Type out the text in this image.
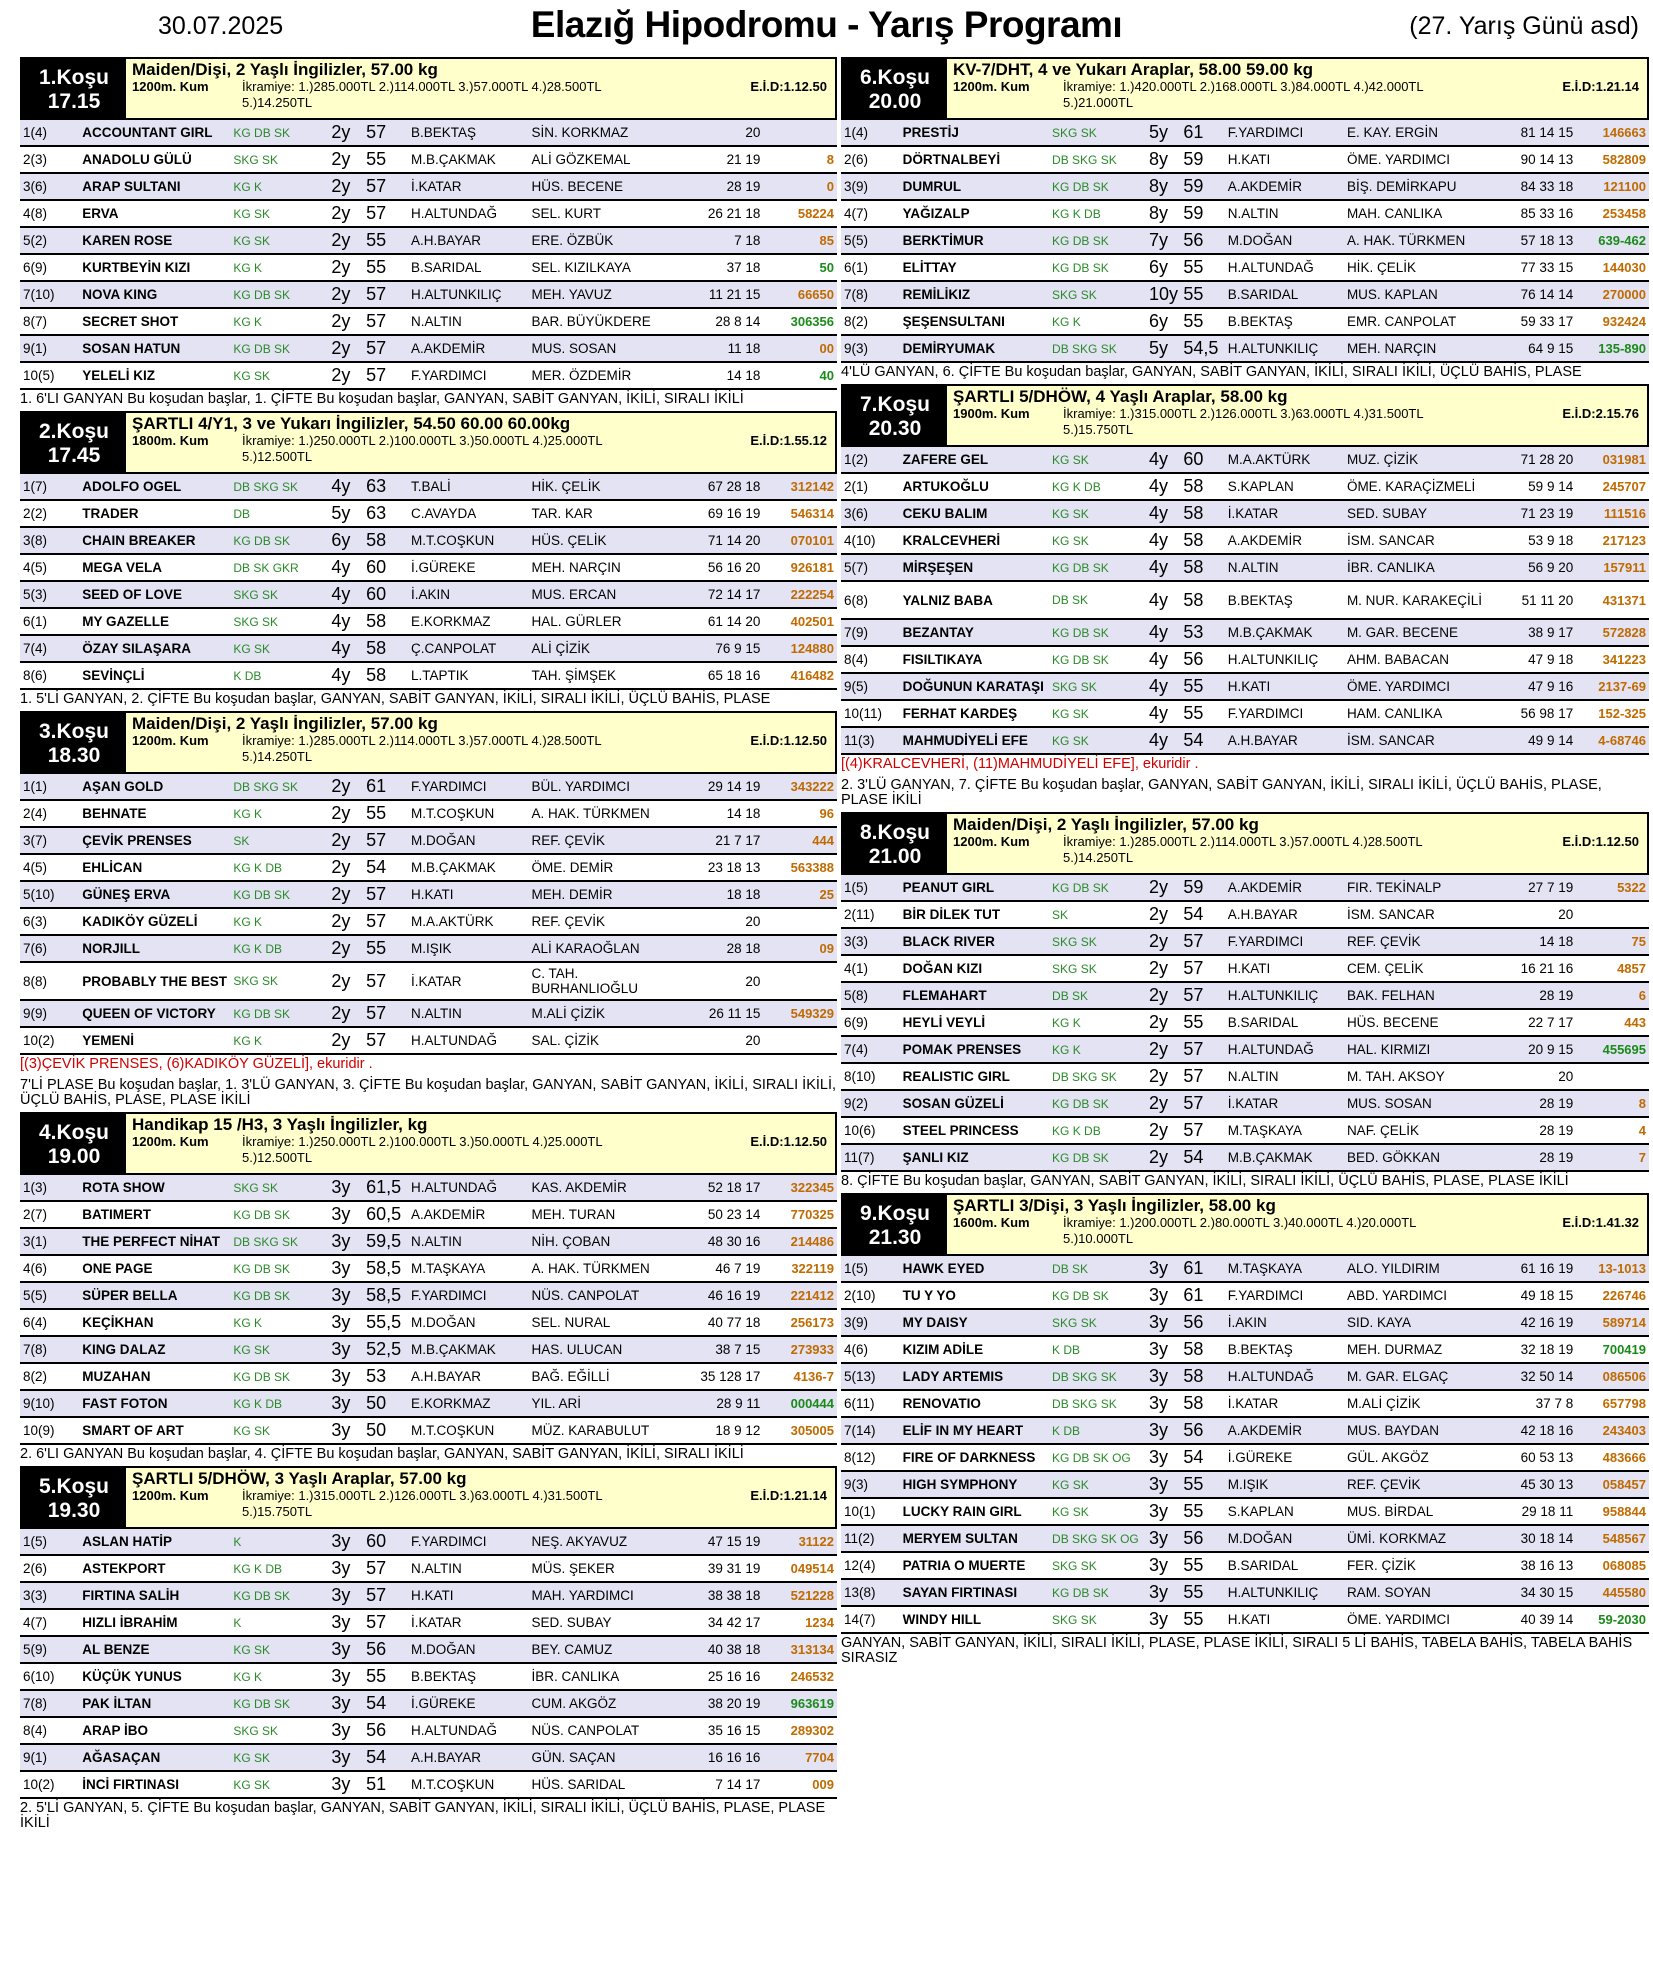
30.07.2025	Elazığ Hipodromu - Yarış Programı	(27. Yarış Günü asd)
1.Koşu
17.15
Maiden/Dişi, 2 Yaşlı İngilizler, 57.00 kg
1200m. Kum	İkramiye: 1.)285.000TL 2.)114.000TL 3.)57.000TL 4.)28.500TL	E.İ.D:1.12.50
5.)14.250TL
1(4)	ACCOUNTANT GIRL	KG DB SK	2y	57	B.BEKTAŞ	SİN. KORKMAZ	20	
2(3)	ANADOLU GÜLÜ	SKG SK	2y	55	M.B.ÇAKMAK	ALİ GÖZKEMAL	21 19	8
3(6)	ARAP SULTANI	KG K	2y	57	İ.KATAR	HÜS. BECENE	28 19	0
4(8)	ERVA	KG SK	2y	57	H.ALTUNDAĞ	SEL. KURT	26 21 18	58224
5(2)	KAREN ROSE	KG SK	2y	55	A.H.BAYAR	ERE. ÖZBÜK	7 18	85
6(9)	KURTBEYİN KIZI	KG K	2y	55	B.SARIDAL	SEL. KIZILKAYA	37 18	50
7(10)	NOVA KING	KG DB SK	2y	57	H.ALTUNKILIÇ	MEH. YAVUZ	11 21 15	66650
8(7)	SECRET SHOT	KG K	2y	57	N.ALTIN	BAR. BÜYÜKDERE	28 8 14	306356
9(1)	SOSAN HATUN	KG DB SK	2y	57	A.AKDEMİR	MUS. SOSAN	11 18	00
10(5)	YELELİ KIZ	KG SK	2y	57	F.YARDIMCI	MER. ÖZDEMİR	14 18	40
1. 6'LI GANYAN Bu koşudan başlar, 1. ÇİFTE Bu koşudan başlar, GANYAN, SABİT GANYAN, İKİLİ, SIRALI İKİLİ
2.Koşu
17.45
ŞARTLI 4/Y1, 3 ve Yukarı İngilizler, 54.50 60.00 60.00kg
1800m. Kum	İkramiye: 1.)250.000TL 2.)100.000TL 3.)50.000TL 4.)25.000TL	E.İ.D:1.55.12
5.)12.500TL
1(7)	ADOLFO OGEL	DB SKG SK	4y	63	T.BALİ	HİK. ÇELİK	67 28 18	312142
2(2)	TRADER	DB	5y	63	C.AVAYDA	TAR. KAR	69 16 19	546314
3(8)	CHAIN BREAKER	KG DB SK	6y	58	M.T.COŞKUN	HÜS. ÇELİK	71 14 20	070101
4(5)	MEGA VELA	DB SK GKR	4y	60	İ.GÜREKE	MEH. NARÇIN	56 16 20	926181
5(3)	SEED OF LOVE	SKG SK	4y	60	İ.AKIN	MUS. ERCAN	72 14 17	222254
6(1)	MY GAZELLE	SKG SK	4y	58	E.KORKMAZ	HAL. GÜRLER	61 14 20	402501
7(4)	ÖZAY SILAŞARA	KG SK	4y	58	Ç.CANPOLAT	ALİ ÇİZİK	76 9 15	124880
8(6)	SEVİNÇLİ	K DB	4y	58	L.TAPTIK	TAH. ŞİMŞEK	65 18 16	416482
1. 5'Lİ GANYAN, 2. ÇİFTE Bu koşudan başlar, GANYAN, SABİT GANYAN, İKİLİ, SIRALI İKİLİ, ÜÇLÜ BAHİS, PLASE
3.Koşu
18.30
Maiden/Dişi, 2 Yaşlı İngilizler, 57.00 kg
1200m. Kum	İkramiye: 1.)285.000TL 2.)114.000TL 3.)57.000TL 4.)28.500TL	E.İ.D:1.12.50
5.)14.250TL
1(1)	AŞAN GOLD	DB SKG SK	2y	61	F.YARDIMCI	BÜL. YARDIMCI	29 14 19	343222
2(4)	BEHNATE	KG K	2y	55	M.T.COŞKUN	A. HAK. TÜRKMEN	14 18	96
3(7)	ÇEVİK PRENSES	SK	2y	57	M.DOĞAN	REF. ÇEVİK	21 7 17	444
4(5)	EHLİCAN	KG K DB	2y	54	M.B.ÇAKMAK	ÖME. DEMİR	23 18 13	563388
5(10)	GÜNEŞ ERVA	KG DB SK	2y	57	H.KATI	MEH. DEMİR	18 18	25
6(3)	KADIKÖY GÜZELİ	KG K	2y	57	M.A.AKTÜRK	REF. ÇEVİK	20	
7(6)	NORJILL	KG K DB	2y	55	M.IŞIK	ALİ KARAOĞLAN	28 18	09
8(8)	PROBABLY THE BEST	SKG SK	2y	57	İ.KATAR	C. TAH. BURHANLIOĞLU	20	
9(9)	QUEEN OF VICTORY	KG DB SK	2y	57	N.ALTIN	M.ALİ ÇİZİK	26 11 15	549329
10(2)	YEMENİ	KG K	2y	57	H.ALTUNDAĞ	SAL. ÇİZİK	20	
[(3)ÇEVİK PRENSES, (6)KADIKÖY GÜZELİ], ekuridir .
7'Lİ PLASE Bu koşudan başlar, 1. 3'LÜ GANYAN, 3. ÇİFTE Bu koşudan başlar, GANYAN, SABİT GANYAN, İKİLİ, SIRALI İKİLİ, ÜÇLÜ BAHİS, PLASE, PLASE İKİLİ
4.Koşu
19.00
Handikap 15 /H3, 3 Yaşlı İngilizler, kg
1200m. Kum	İkramiye: 1.)250.000TL 2.)100.000TL 3.)50.000TL 4.)25.000TL	E.İ.D:1.12.50
5.)12.500TL
1(3)	ROTA SHOW	SKG SK	3y	61,5	H.ALTUNDAĞ	KAS. AKDEMİR	52 18 17	322345
2(7)	BATIMERT	KG DB SK	3y	60,5	A.AKDEMİR	MEH. TURAN	50 23 14	770325
3(1)	THE PERFECT NİHAT	DB SKG SK	3y	59,5	N.ALTIN	NİH. ÇOBAN	48 30 16	214486
4(6)	ONE PAGE	KG DB SK	3y	58,5	M.TAŞKAYA	A. HAK. TÜRKMEN	46 7 19	322119
5(5)	SÜPER BELLA	KG DB SK	3y	58,5	F.YARDIMCI	NÜS. CANPOLAT	46 16 19	221412
6(4)	KEÇİKHAN	KG K	3y	55,5	M.DOĞAN	SEL. NURAL	40 77 18	256173
7(8)	KING DALAZ	KG SK	3y	52,5	M.B.ÇAKMAK	HAS. ULUCAN	38 7 15	273933
8(2)	MUZAHAN	KG DB SK	3y	53	A.H.BAYAR	BAĞ. EĞİLLİ	35 128 17	4136-7
9(10)	FAST FOTON	KG K DB	3y	50	E.KORKMAZ	YIL. ARİ	28 9 11	000444
10(9)	SMART OF ART	KG SK	3y	50	M.T.COŞKUN	MÜZ. KARABULUT	18 9 12	305005
2. 6'LI GANYAN Bu koşudan başlar, 4. ÇİFTE Bu koşudan başlar, GANYAN, SABİT GANYAN, İKİLİ, SIRALI İKİLİ
5.Koşu
19.30
ŞARTLI 5/DHÖW, 3 Yaşlı Araplar, 57.00 kg
1200m. Kum	İkramiye: 1.)315.000TL 2.)126.000TL 3.)63.000TL 4.)31.500TL	E.İ.D:1.21.14
5.)15.750TL
1(5)	ASLAN HATİP	K	3y	60	F.YARDIMCI	NEŞ. AKYAVUZ	47 15 19	31122
2(6)	ASTEKPORT	KG K DB	3y	57	N.ALTIN	MÜS. ŞEKER	39 31 19	049514
3(3)	FIRTINA SALİH	KG DB SK	3y	57	H.KATI	MAH. YARDIMCI	38 38 18	521228
4(7)	HIZLI İBRAHİM	K	3y	57	İ.KATAR	SED. SUBAY	34 42 17	1234
5(9)	AL BENZE	KG SK	3y	56	M.DOĞAN	BEY. CAMUZ	40 38 18	313134
6(10)	KÜÇÜK YUNUS	KG K	3y	55	B.BEKTAŞ	İBR. CANLIKA	25 16 16	246532
7(8)	PAK İLTAN	KG DB SK	3y	54	İ.GÜREKE	CUM. AKGÖZ	38 20 19	963619
8(4)	ARAP İBO	SKG SK	3y	56	H.ALTUNDAĞ	NÜS. CANPOLAT	35 16 15	289302
9(1)	AĞASAÇAN	KG SK	3y	54	A.H.BAYAR	GÜN. SAÇAN	16 16 16	7704
10(2)	İNCİ FIRTINASI	KG SK	3y	51	M.T.COŞKUN	HÜS. SARIDAL	7 14 17	009
2. 5'Lİ GANYAN, 5. ÇİFTE Bu koşudan başlar, GANYAN, SABİT GANYAN, İKİLİ, SIRALI İKİLİ, ÜÇLÜ BAHİS, PLASE, PLASE İKİLİ
6.Koşu
20.00
KV-7/DHT, 4 ve Yukarı Araplar, 58.00 59.00 kg
1200m. Kum	İkramiye: 1.)420.000TL 2.)168.000TL 3.)84.000TL 4.)42.000TL	E.İ.D:1.21.14
5.)21.000TL
1(4)	PRESTİJ	SKG SK	5y	61	F.YARDIMCI	E. KAY. ERGİN	81 14 15	146663
2(6)	DÖRTNALBEYİ	DB SKG SK	8y	59	H.KATI	ÖME. YARDIMCI	90 14 13	582809
3(9)	DUMRUL	KG DB SK	8y	59	A.AKDEMİR	BİŞ. DEMİRKAPU	84 33 18	121100
4(7)	YAĞIZALP	KG K DB	8y	59	N.ALTIN	MAH. CANLIKA	85 33 16	253458
5(5)	BERKTİMUR	KG DB SK	7y	56	M.DOĞAN	A. HAK. TÜRKMEN	57 18 13	639-462
6(1)	ELİTTAY	KG DB SK	6y	55	H.ALTUNDAĞ	HİK. ÇELİK	77 33 15	144030
7(8)	REMİLİKIZ	SKG SK	10y	55	B.SARIDAL	MUS. KAPLAN	76 14 14	270000
8(2)	ŞEŞENSULTANI	KG K	6y	55	B.BEKTAŞ	EMR. CANPOLAT	59 33 17	932424
9(3)	DEMİRYUMAK	DB SKG SK	5y	54,5	H.ALTUNKILIÇ	MEH. NARÇIN	64 9 15	135-890
4'LÜ GANYAN, 6. ÇİFTE Bu koşudan başlar, GANYAN, SABİT GANYAN, İKİLİ, SIRALI İKİLİ, ÜÇLÜ BAHİS, PLASE
7.Koşu
20.30
ŞARTLI 5/DHÖW, 4 Yaşlı Araplar, 58.00 kg
1900m. Kum	İkramiye: 1.)315.000TL 2.)126.000TL 3.)63.000TL 4.)31.500TL	E.İ.D:2.15.76
5.)15.750TL
1(2)	ZAFERE GEL	KG SK	4y	60	M.A.AKTÜRK	MUZ. ÇİZİK	71 28 20	031981
2(1)	ARTUKOĞLU	KG K DB	4y	58	S.KAPLAN	ÖME. KARAÇİZMELİ	59 9 14	245707
3(6)	CEKU BALIM	KG SK	4y	58	İ.KATAR	SED. SUBAY	71 23 19	111516
4(10)	KRALCEVHERİ	KG SK	4y	58	A.AKDEMİR	İSM. SANCAR	53 9 18	217123
5(7)	MİRŞEŞEN	KG DB SK	4y	58	N.ALTIN	İBR. CANLIKA	56 9 20	157911
6(8)	YALNIZ BABA	DB SK	4y	58	B.BEKTAŞ	M. NUR. KARAKEÇİLİ	51 11 20	431371
7(9)	BEZANTAY	KG DB SK	4y	53	M.B.ÇAKMAK	M. GAR. BECENE	38 9 17	572828
8(4)	FISILTIKAYA	KG DB SK	4y	56	H.ALTUNKILIÇ	AHM. BABACAN	47 9 18	341223
9(5)	DOĞUNUN KARATAŞI	SKG SK	4y	55	H.KATI	ÖME. YARDIMCI	47 9 16	2137-69
10(11)	FERHAT KARDEŞ	KG SK	4y	55	F.YARDIMCI	HAM. CANLIKA	56 98 17	152-325
11(3)	MAHMUDİYELİ EFE	KG SK	4y	54	A.H.BAYAR	İSM. SANCAR	49 9 14	4-68746
[(4)KRALCEVHERİ, (11)MAHMUDİYELİ EFE], ekuridir .
2. 3'LÜ GANYAN, 7. ÇİFTE Bu koşudan başlar, GANYAN, SABİT GANYAN, İKİLİ, SIRALI İKİLİ, ÜÇLÜ BAHİS, PLASE, PLASE İKİLİ
8.Koşu
21.00
Maiden/Dişi, 2 Yaşlı İngilizler, 57.00 kg
1200m. Kum	İkramiye: 1.)285.000TL 2.)114.000TL 3.)57.000TL 4.)28.500TL	E.İ.D:1.12.50
5.)14.250TL
1(5)	PEANUT GIRL	KG DB SK	2y	59	A.AKDEMİR	FIR. TEKİNALP	27 7 19	5322
2(11)	BİR DİLEK TUT	SK	2y	54	A.H.BAYAR	İSM. SANCAR	20	
3(3)	BLACK RIVER	SKG SK	2y	57	F.YARDIMCI	REF. ÇEVİK	14 18	75
4(1)	DOĞAN KIZI	SKG SK	2y	57	H.KATI	CEM. ÇELİK	16 21 16	4857
5(8)	FLEMAHART	DB SK	2y	57	H.ALTUNKILIÇ	BAK. FELHAN	28 19	6
6(9)	HEYLİ VEYLİ	KG K	2y	55	B.SARIDAL	HÜS. BECENE	22 7 17	443
7(4)	POMAK PRENSES	KG K	2y	57	H.ALTUNDAĞ	HAL. KIRMIZI	20 9 15	455695
8(10)	REALISTIC GIRL	DB SKG SK	2y	57	N.ALTIN	M. TAH. AKSOY	20	
9(2)	SOSAN GÜZELİ	KG DB SK	2y	57	İ.KATAR	MUS. SOSAN	28 19	8
10(6)	STEEL PRINCESS	KG K DB	2y	57	M.TAŞKAYA	NAF. ÇELİK	28 19	4
11(7)	ŞANLI KIZ	KG DB SK	2y	54	M.B.ÇAKMAK	BED. GÖKKAN	28 19	7
8. ÇİFTE Bu koşudan başlar, GANYAN, SABİT GANYAN, İKİLİ, SIRALI İKİLİ, ÜÇLÜ BAHİS, PLASE, PLASE İKİLİ
9.Koşu
21.30
ŞARTLI 3/Dişi, 3 Yaşlı İngilizler, 58.00 kg
1600m. Kum	İkramiye: 1.)200.000TL 2.)80.000TL 3.)40.000TL 4.)20.000TL	E.İ.D:1.41.32
5.)10.000TL
1(5)	HAWK EYED	DB SK	3y	61	M.TAŞKAYA	ALO. YILDIRIM	61 16 19	13-1013
2(10)	TU Y YO	KG DB SK	3y	61	F.YARDIMCI	ABD. YARDIMCI	49 18 15	226746
3(9)	MY DAISY	SKG SK	3y	56	İ.AKIN	SID. KAYA	42 16 19	589714
4(6)	KIZIM ADİLE	K DB	3y	58	B.BEKTAŞ	MEH. DURMAZ	32 18 19	700419
5(13)	LADY ARTEMIS	DB SKG SK	3y	58	H.ALTUNDAĞ	M. GAR. ELGAÇ	32 50 14	086506
6(11)	RENOVATIO	DB SKG SK	3y	58	İ.KATAR	M.ALİ ÇİZİK	37 7 8	657798
7(14)	ELİF IN MY HEART	K DB	3y	56	A.AKDEMİR	MUS. BAYDAN	42 18 16	243403
8(12)	FIRE OF DARKNESS	KG DB SK OG	3y	54	İ.GÜREKE	GÜL. AKGÖZ	60 53 13	483666
9(3)	HIGH SYMPHONY	KG SK	3y	55	M.IŞIK	REF. ÇEVİK	45 30 13	058457
10(1)	LUCKY RAIN GIRL	KG SK	3y	55	S.KAPLAN	MUS. BİRDAL	29 18 11	958844
11(2)	MERYEM SULTAN	DB SKG SK OG	3y	56	M.DOĞAN	ÜMİ. KORKMAZ	30 18 14	548567
12(4)	PATRIA O MUERTE	SKG SK	3y	55	B.SARIDAL	FER. ÇİZİK	38 16 13	068085
13(8)	SAYAN FIRTINASI	KG DB SK	3y	55	H.ALTUNKILIÇ	RAM. SOYAN	34 30 15	445580
14(7)	WINDY HILL	SKG SK	3y	55	H.KATI	ÖME. YARDIMCI	40 39 14	59-2030
GANYAN, SABİT GANYAN, İKİLİ, SIRALI İKİLİ, PLASE, PLASE İKİLİ, SIRALI 5 Lİ BAHİS, TABELA BAHİS, TABELA BAHİS SIRASIZ
